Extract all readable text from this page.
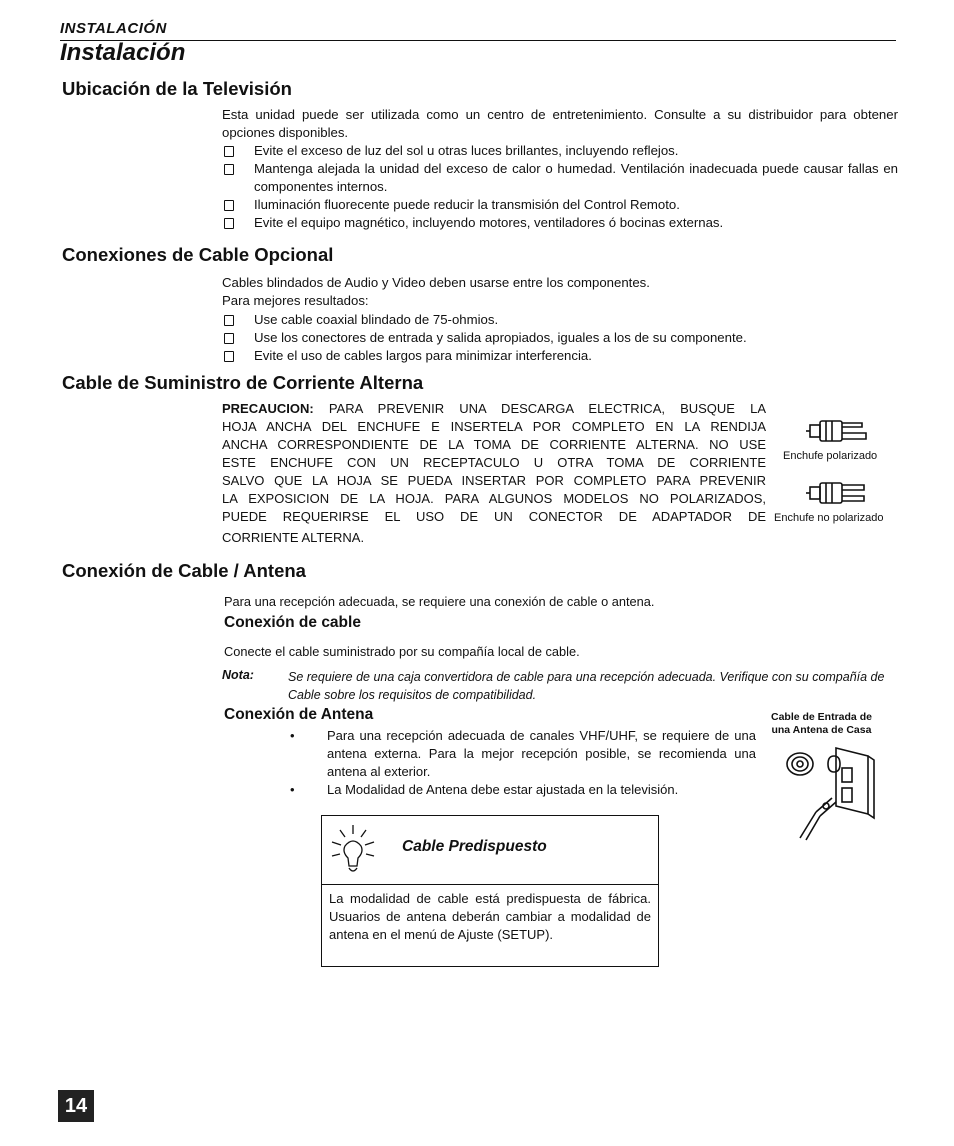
INSTALACIÓN
Instalación
Ubicación de la Televisión
Esta unidad puede ser utilizada como un centro de entretenimiento. Consulte a su distribuidor para obtener opciones disponibles.
Evite el exceso de luz del sol u otras luces brillantes, incluyendo reflejos.
Mantenga alejada la unidad del exceso de calor o humedad. Ventilación inadecuada puede causar fallas en componentes internos.
Iluminación fluorecente puede reducir la transmisión del Control Remoto.
Evite el equipo magnético, incluyendo motores, ventiladores ó bocinas externas.
Conexiones de Cable Opcional
Cables blindados de Audio y Video deben usarse entre los componentes.
Para mejores resultados:
Use cable coaxial blindado de 75-ohmios.
Use los conectores de entrada y salida apropiados, iguales a los de su componente.
Evite el uso de cables largos para minimizar interferencia.
Cable de Suministro de Corriente Alterna
PRECAUCION: PARA PREVENIR UNA DESCARGA ELECTRICA, BUSQUE LA
HOJA ANCHA DEL ENCHUFE E INSERTELA POR COMPLETO EN LA RENDIJA
ANCHA CORRESPONDIENTE DE LA TOMA DE CORRIENTE ALTERNA. NO USE
ESTE ENCHUFE CON UN RECEPTACULO U OTRA TOMA DE CORRIENTE
SALVO QUE LA HOJA SE PUEDA INSERTAR POR COMPLETO PARA PREVENIR
LA EXPOSICION DE LA HOJA. PARA ALGUNOS MODELOS NO POLARIZADOS,
PUEDE REQUERIRSE EL USO DE UN CONECTOR DE ADAPTADOR DE
CORRIENTE ALTERNA.
Enchufe polarizado
Enchufe no polarizado
Conexión de Cable / Antena
Para una recepción adecuada, se requiere una conexión de cable o antena.
Conexión de cable
Conecte el cable suministrado por su compañía local de cable.
Nota:	Se requiere de una caja convertidora de cable para una recepción adecuada. Verifique con su compañía de Cable sobre los requisitos de compatibilidad.
Conexión de Antena
• Para una recepción adecuada de canales VHF/UHF, se requiere de una antena externa. Para la mejor recepción posible, se recomienda una antena al exterior.
• La Modalidad de Antena debe estar ajustada en la televisión.
Cable de Entrada de
una Antena de Casa
Cable Predispuesto
La modalidad de cable está predispuesta de fábrica. Usuarios de antena deberán cambiar a modalidad de antena en el menú de Ajuste (SETUP).
14
